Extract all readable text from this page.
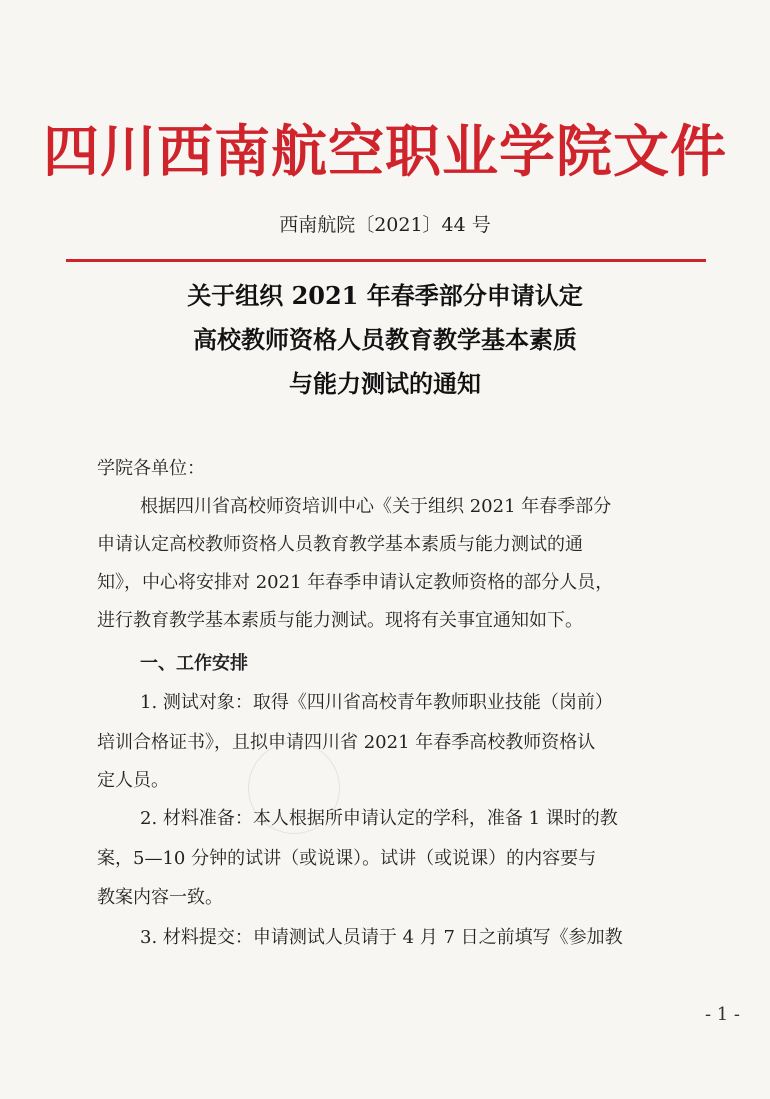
四川西南航空职业学院文件
西南航院〔2021〕44 号
关于组织 2021 年春季部分申请认定
高校教师资格人员教育教学基本素质
与能力测试的通知
学院各单位：
根据四川省高校师资培训中心《关于组织 2021 年春季部分
申请认定高校教师资格人员教育教学基本素质与能力测试的通
知》，中心将安排对 2021 年春季申请认定教师资格的部分人员，
进行教育教学基本素质与能力测试。现将有关事宜通知如下。
一、工作安排
1. 测试对象：取得《四川省高校青年教师职业技能（岗前）
培训合格证书》，且拟申请四川省 2021 年春季高校教师资格认
定人员。
2. 材料准备：本人根据所申请认定的学科，准备 1 课时的教
案，5—10 分钟的试讲（或说课）。试讲（或说课）的内容要与
教案内容一致。
3. 材料提交：申请测试人员请于 4 月 7 日之前填写《参加教
- 1 -
